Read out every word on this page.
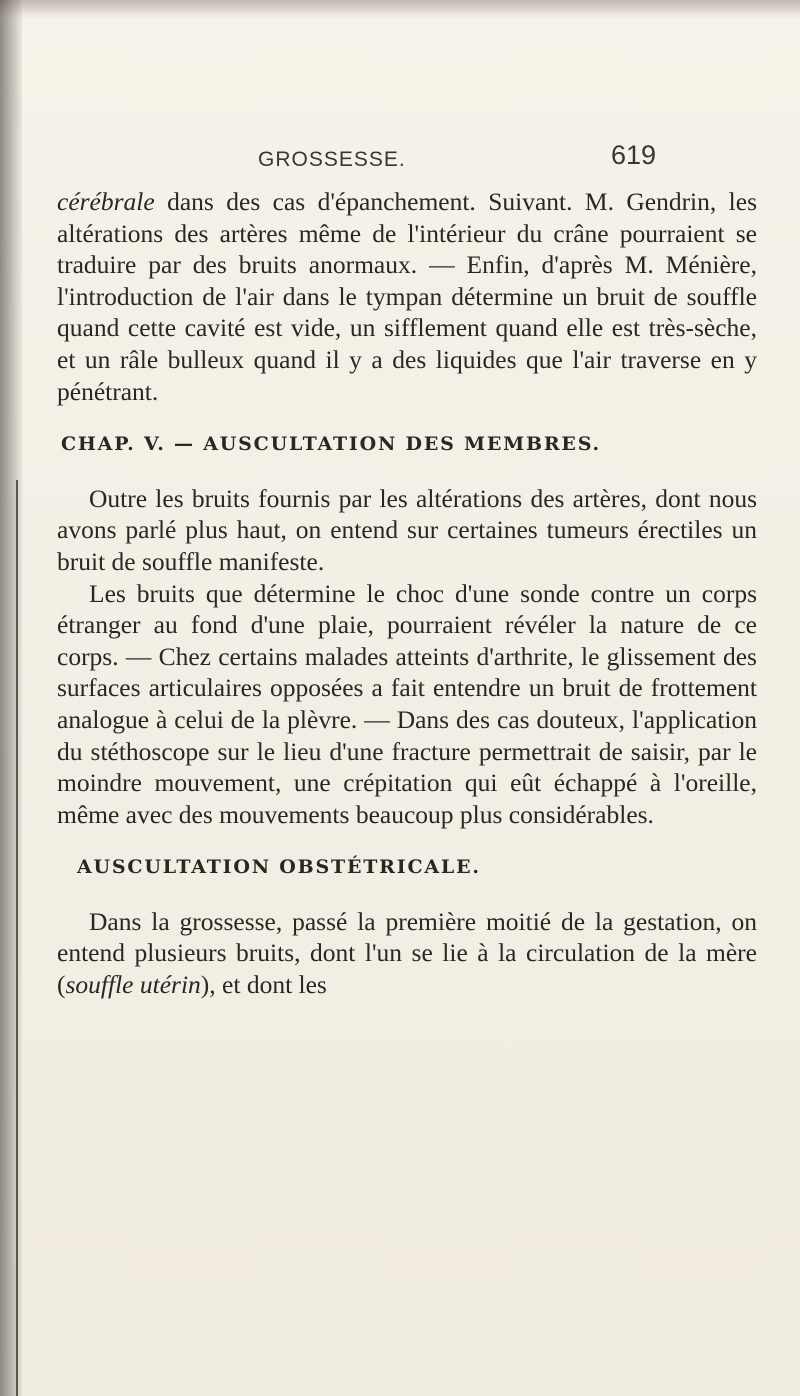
GROSSESSE.	619

cérébrale dans des cas d'épanchement. Suivant. M. Gendrin, les altérations des artères même de l'intérieur du crâne pourraient se traduire par des bruits anormaux. — Enfin, d'après M. Ménière, l'introduction de l'air dans le tympan détermine un bruit de souffle quand cette cavité est vide, un sifflement quand elle est très-sèche, et un râle bulleux quand il y a des liquides que l'air traverse en y pénétrant.

CHAP. V. — AUSCULTATION DES MEMBRES.

Outre les bruits fournis par les altérations des artères, dont nous avons parlé plus haut, on entend sur certaines tumeurs érectiles un bruit de souffle manifeste.

Les bruits que détermine le choc d'une sonde contre un corps étranger au fond d'une plaie, pourraient révéler la nature de ce corps. — Chez certains malades atteints d'arthrite, le glissement des surfaces articulaires opposées a fait entendre un bruit de frottement analogue à celui de la plèvre. — Dans des cas douteux, l'application du stéthoscope sur le lieu d'une fracture permettrait de saisir, par le moindre mouvement, une crépitation qui eût échappé à l'oreille, même avec des mouvements beaucoup plus considérables.

AUSCULTATION OBSTÉTRICALE.

Dans la grossesse, passé la première moitié de la gestation, on entend plusieurs bruits, dont l'un se lie à la circulation de la mère (souffle utérin), et dont les
